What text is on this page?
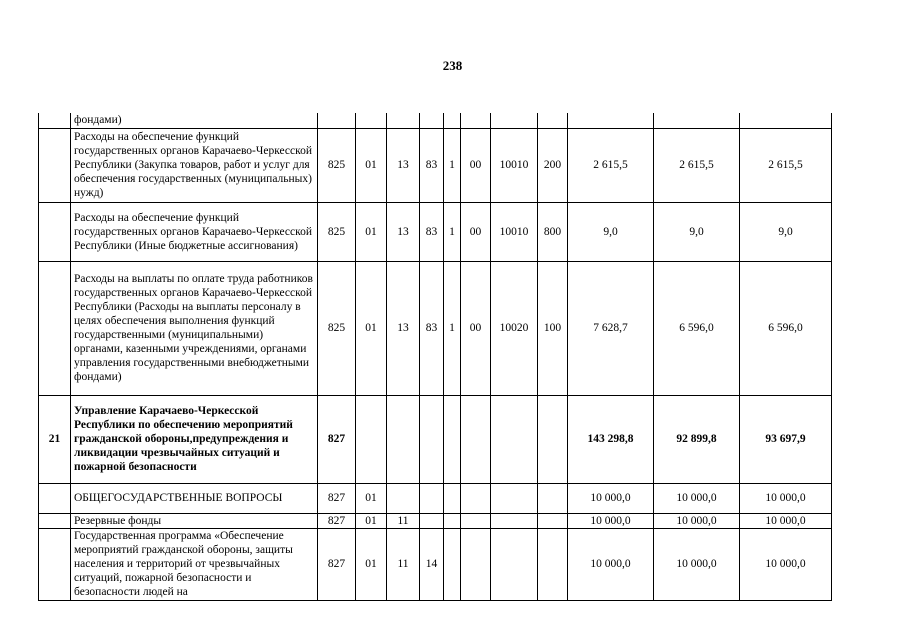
238
	фондами)											
	Расходы на обеспечение функций государственных органов Карачаево-Черкесской Республики (Закупка товаров, работ и услуг для обеспечения государственных (муниципальных) нужд)	825	01	13	83	1	00	10010	200	2 615,5	2 615,5	2 615,5
	Расходы на обеспечение функций государственных органов Карачаево-Черкесской Республики (Иные бюджетные ассигнования)	825	01	13	83	1	00	10010	800	9,0	9,0	9,0
	Расходы на выплаты по оплате труда работников государственных органов Карачаево-Черкесской Республики (Расходы на выплаты персоналу в целях обеспечения выполнения функций государственными (муниципальными) органами, казенными учреждениями, органами управления государственными внебюджетными фондами)	825	01	13	83	1	00	10020	100	7 628,7	6 596,0	6 596,0
21	Управление Карачаево-Черкесской Республики по обеспечению мероприятий гражданской обороны,предупреждения и ликвидации чрезвычайных ситуаций и пожарной безопасности	827								143 298,8	92 899,8	93 697,9
	ОБЩЕГОСУДАРСТВЕННЫЕ ВОПРОСЫ	827	01							10 000,0	10 000,0	10 000,0
	Резервные фонды	827	01	11						10 000,0	10 000,0	10 000,0
	Государственная программа «Обеспечение мероприятий гражданской обороны, защиты населения и территорий от чрезвычайных ситуаций, пожарной безопасности и безопасности людей на	827	01	11	14					10 000,0	10 000,0	10 000,0
